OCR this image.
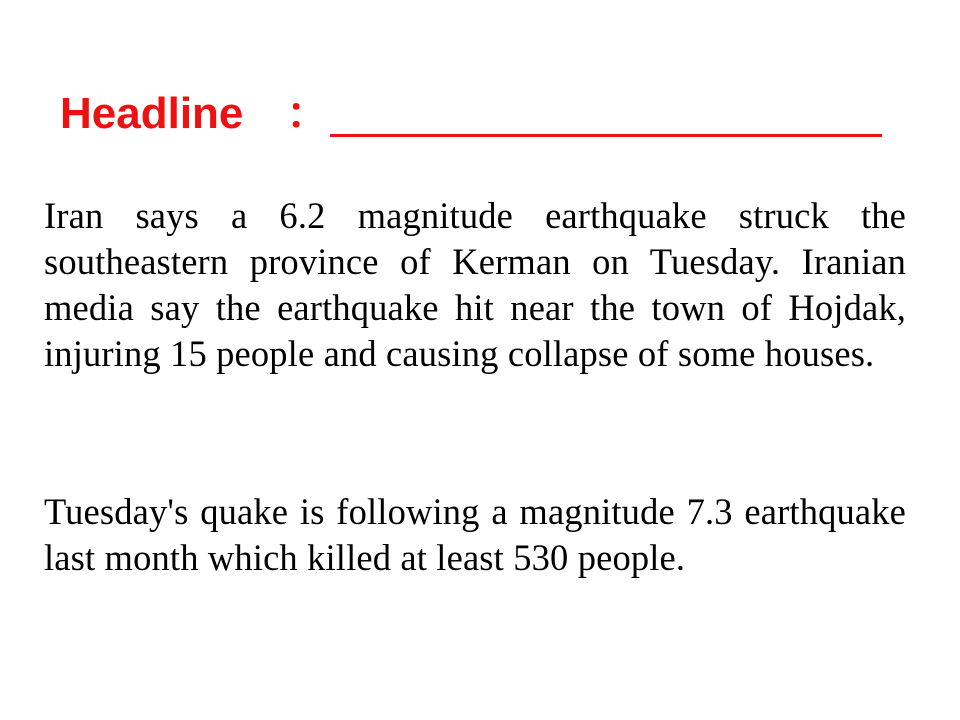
Headline ：

Iran says a 6.2 magnitude earthquake struck the southeastern province of Kerman on Tuesday. Iranian media say the earthquake hit near the town of Hojdak, injuring 15 people and causing collapse of some houses.

Tuesday's quake is following a magnitude 7.3 earthquake last month which killed at least 530 people.
